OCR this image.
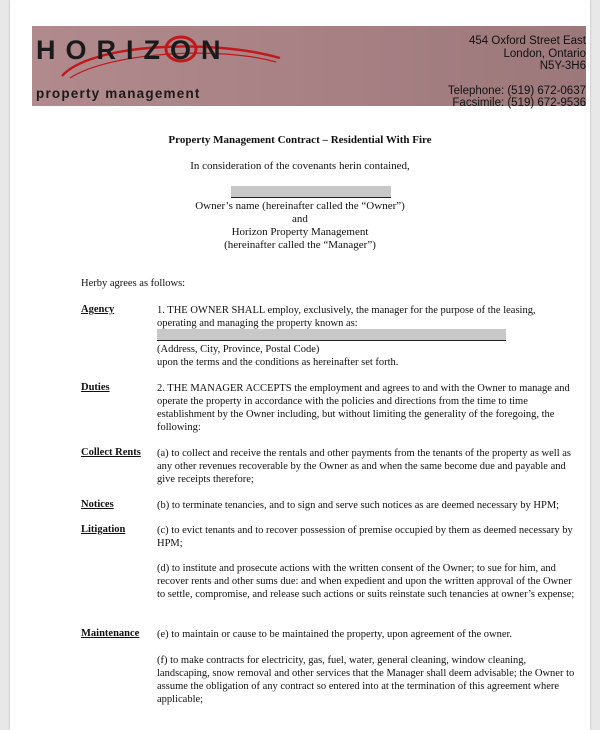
HORIZON
property management
454 Oxford Street East
London, Ontario
N5Y-3H6
Telephone: (519) 672-0637
Facsimile: (519) 672-9536
Property Management Contract – Residential With Fire
In consideration of the covenants herin contained,
Owner’s name (hereinafter called the “Owner”)
and
Horizon Property Management
(hereinafter called the “Manager”)
Herby agrees as follows:
Agency	1. THE OWNER SHALL employ, exclusively, the manager for the purpose of the leasing, operating and managing the property known as:

(Address, City, Province, Postal Code)
upon the terms and the conditions as hereinafter set forth.
Duties	2. THE MANAGER ACCEPTS the employment and agrees to and with the Owner to manage and operate the property in accordance with the policies and directions from the time to time establishment by the Owner including, but without limiting the generality of the foregoing, the following:

Collect Rents (a) to collect and receive the rentals and other payments from the tenants of the property as well as any other revenues recoverable by the Owner as and when the same become due and payable and give receipts therefore;

Notices	(b) to terminate tenancies, and to sign and serve such notices as are deemed necessary by HPM;

Litigation	(c) to evict tenants and to recover possession of premise occupied by them as deemed necessary by HPM;

(d) to institute and prosecute actions with the written consent of the Owner; to sue for him, and recover rents and other sums due: and when expedient and upon the written approval of the Owner to settle, compromise, and release such actions or suits reinstate such tenancies at owner’s expense;

Maintenance (e) to maintain or cause to be maintained the property, upon agreement of the owner.

(f) to make contracts for electricity, gas, fuel, water, general cleaning, window cleaning, landscaping, snow removal and other services that the Manager shall deem advisable; the Owner to assume the obligation of any contract so entered into at the termination of this agreement where applicable;
